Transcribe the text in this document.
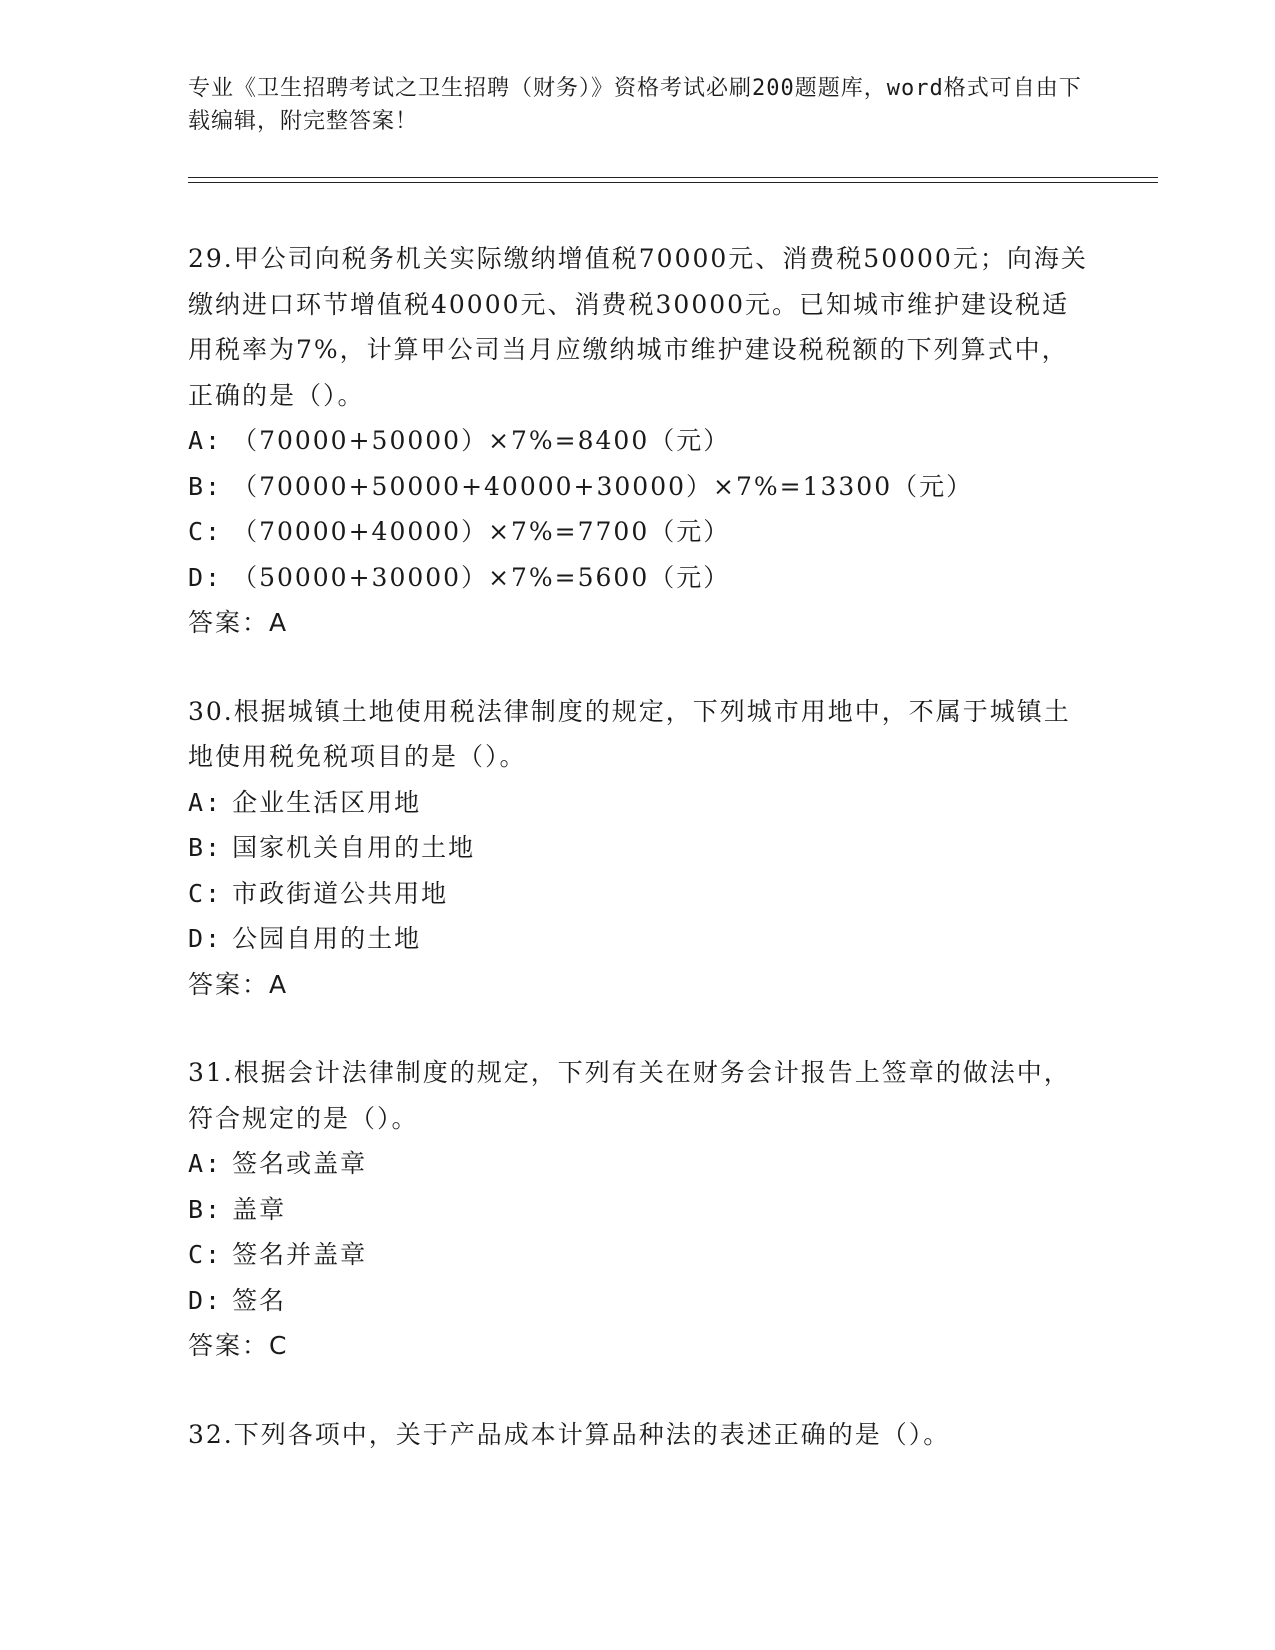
专业《卫生招聘考试之卫生招聘（财务）》资格考试必刷200题题库，word格式可自由下载编辑，附完整答案！
29.甲公司向税务机关实际缴纳增值税70000元、消费税50000元；向海关缴纳进口环节增值税40000元、消费税30000元。已知城市维护建设税适用税率为7%，计算甲公司当月应缴纳城市维护建设税税额的下列算式中，正确的是（）。
A: （70000+50000）×7%=8400（元）
B: （70000+50000+40000+30000）×7%=13300（元）
C: （70000+40000）×7%=7700（元）
D: （50000+30000）×7%=5600（元）
答案：A
30.根据城镇土地使用税法律制度的规定，下列城市用地中，不属于城镇土地使用税免税项目的是（）。
A: 企业生活区用地
B: 国家机关自用的土地
C: 市政街道公共用地
D: 公园自用的土地
答案：A
31.根据会计法律制度的规定，下列有关在财务会计报告上签章的做法中，符合规定的是（）。
A: 签名或盖章
B: 盖章
C: 签名并盖章
D: 签名
答案：C
32.下列各项中，关于产品成本计算品种法的表述正确的是（）。
